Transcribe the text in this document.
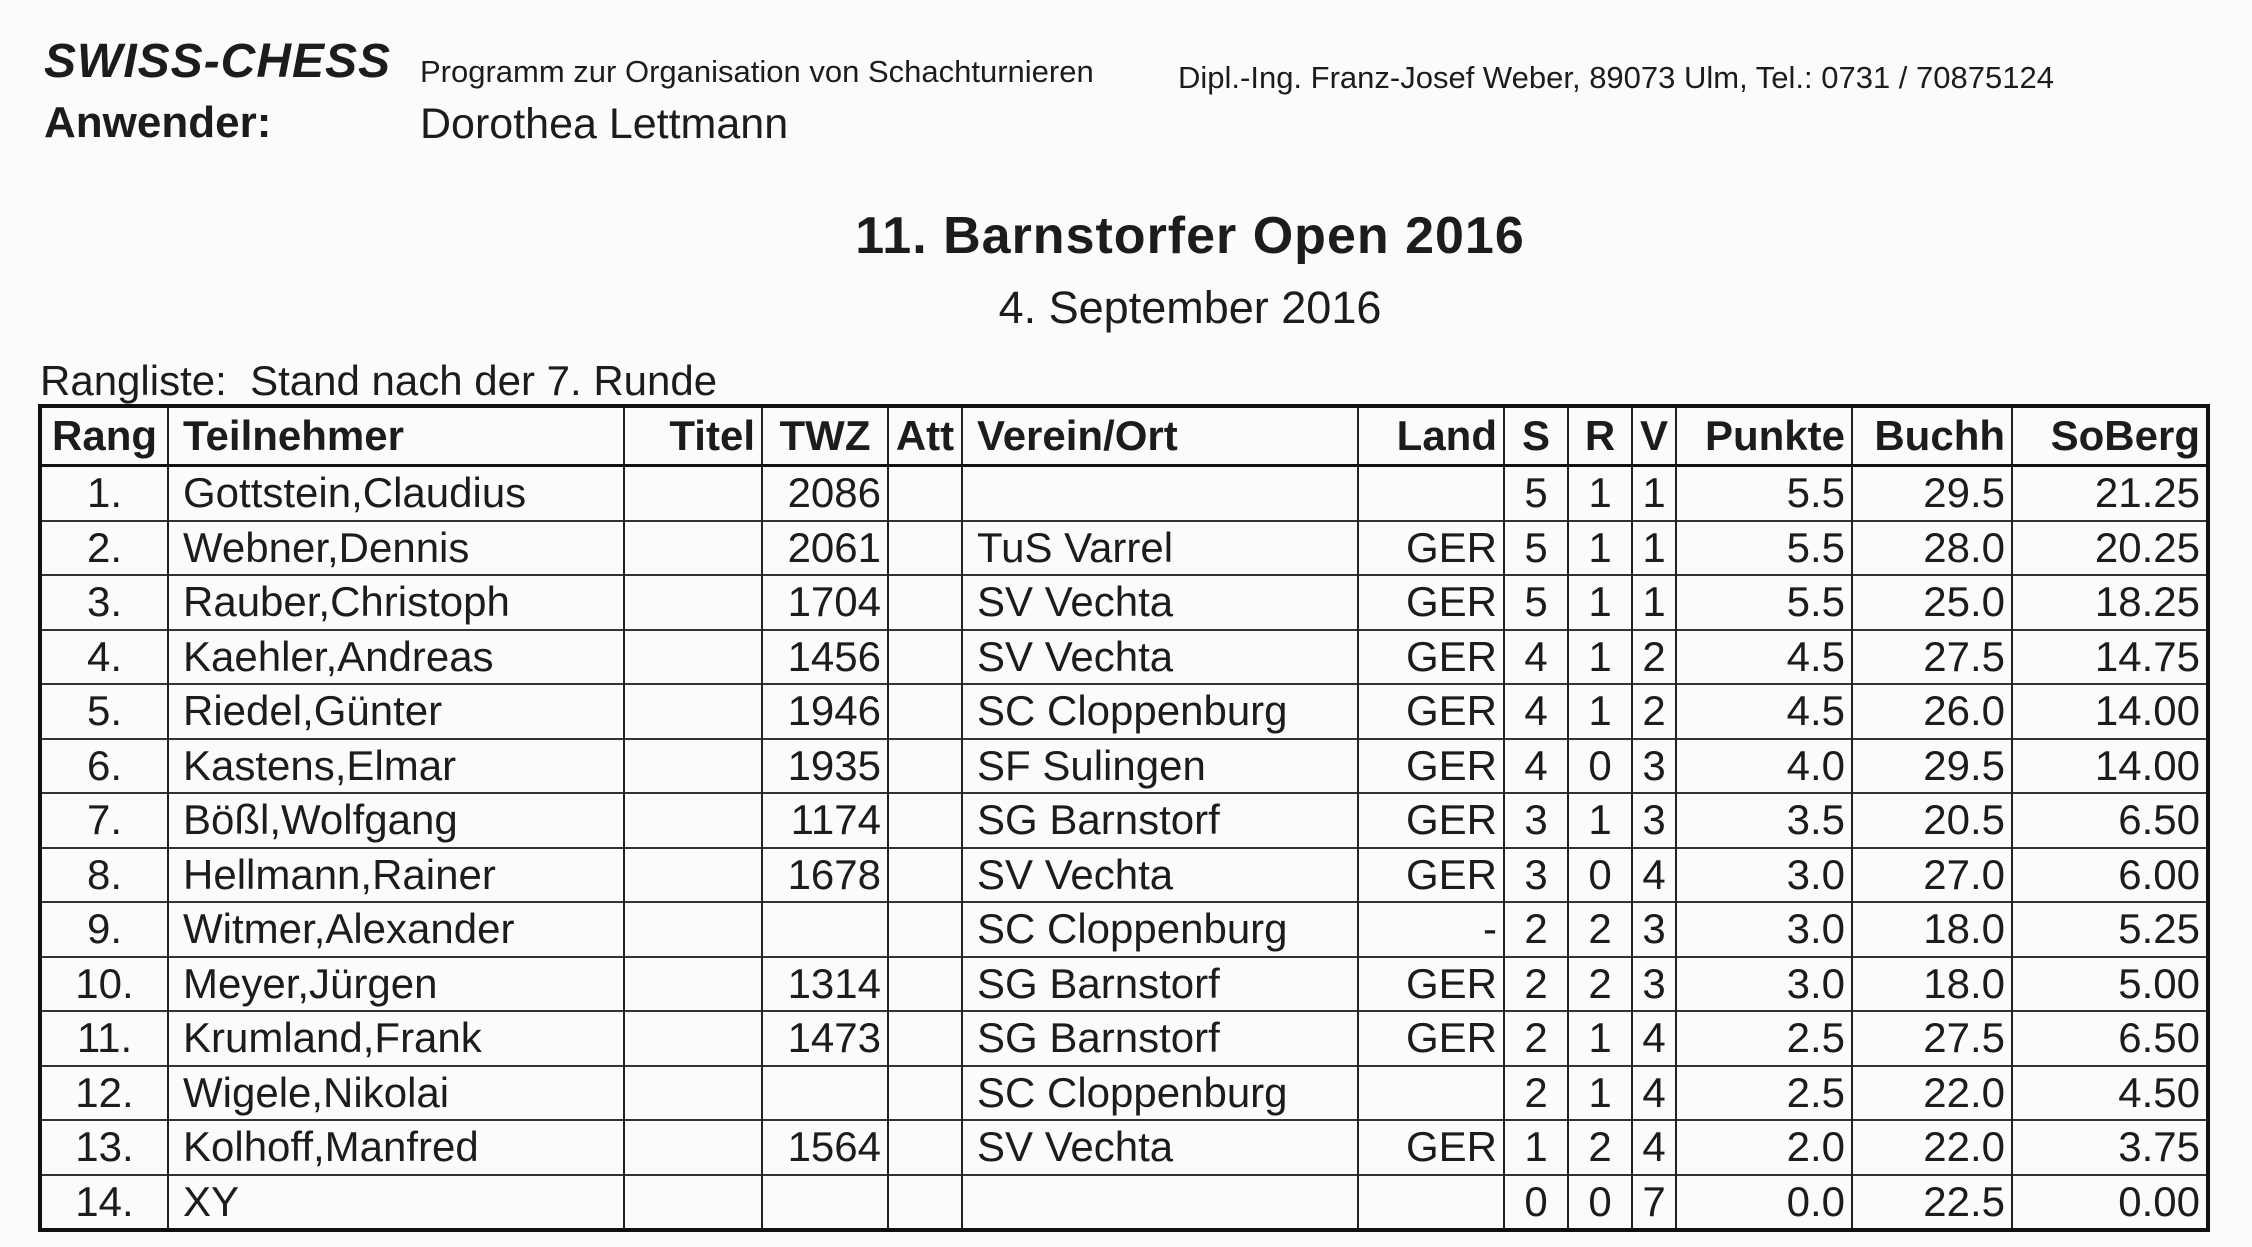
SWISS-CHESS Programm zur Organisation von Schachturnieren	Dipl.-Ing. Franz-Josef Weber, 89073 Ulm, Tel.: 0731 / 70875124
Anwender:	Dorothea Lettmann
11. Barnstorfer Open 2016
4. September 2016
Rangliste:  Stand nach der 7. Runde
Rang	Teilnehmer	Titel	TWZ	Att	Verein/Ort	Land	S	R	V	Punkte	Buchh	SoBerg
1.	Gottstein,Claudius		2086				5	1	1	5.5	29.5	21.25
2.	Webner,Dennis		2061		TuS Varrel	GER	5	1	1	5.5	28.0	20.25
3.	Rauber,Christoph		1704		SV Vechta	GER	5	1	1	5.5	25.0	18.25
4.	Kaehler,Andreas		1456		SV Vechta	GER	4	1	2	4.5	27.5	14.75
5.	Riedel,Günter		1946		SC Cloppenburg	GER	4	1	2	4.5	26.0	14.00
6.	Kastens,Elmar		1935		SF Sulingen	GER	4	0	3	4.0	29.5	14.00
7.	Bößl,Wolfgang		1174		SG Barnstorf	GER	3	1	3	3.5	20.5	6.50
8.	Hellmann,Rainer		1678		SV Vechta	GER	3	0	4	3.0	27.0	6.00
9.	Witmer,Alexander				SC Cloppenburg	-	2	2	3	3.0	18.0	5.25
10.	Meyer,Jürgen		1314		SG Barnstorf	GER	2	2	3	3.0	18.0	5.00
11.	Krumland,Frank		1473		SG Barnstorf	GER	2	1	4	2.5	27.5	6.50
12.	Wigele,Nikolai				SC Cloppenburg		2	1	4	2.5	22.0	4.50
13.	Kolhoff,Manfred		1564		SV Vechta	GER	1	2	4	2.0	22.0	3.75
14.	XY						0	0	7	0.0	22.5	0.00
